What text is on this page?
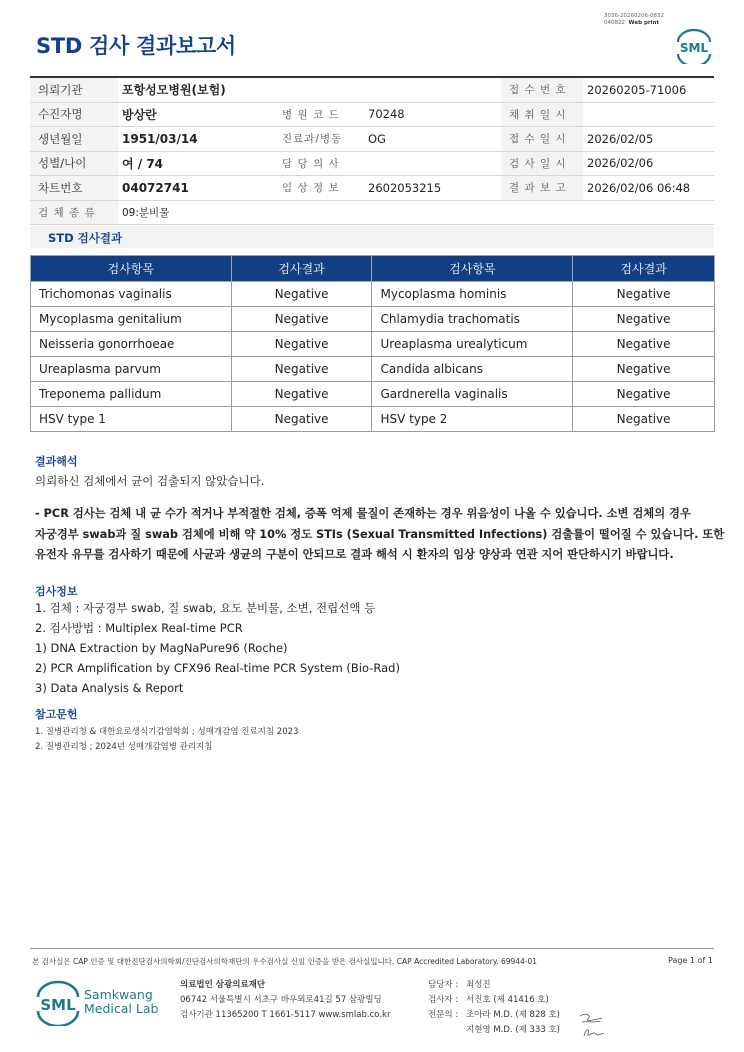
3036-20260206-0832
040822 Web print
STD 검사 결과보고서	SML
의뢰기관	포항성모병원(보험)			접 수 번 호	20260205-71006
수진자명	방상란	병 원 코 드	70248	채 취 일 시	
생년월일	1951/03/14	진료과/병동	OG	접 수 일 시	2026/02/05
성별/나이	여 / 74	담 당 의 사		검 사 일 시	2026/02/06
차트번호	04072741	임 상 정 보	2602053215	결 과 보 고	2026/02/06 06:48
검 체 종 류	09:분비물				
STD 검사결과
검사항목	검사결과	검사항목	검사결과
Trichomonas vaginalis	Negative	Mycoplasma hominis	Negative
Mycoplasma genitalium	Negative	Chlamydia trachomatis	Negative
Neisseria gonorrhoeae	Negative	Ureaplasma urealyticum	Negative
Ureaplasma parvum	Negative	Candida albicans	Negative
Treponema pallidum	Negative	Gardnerella vaginalis	Negative
HSV type 1	Negative	HSV type 2	Negative
결과해석
의뢰하신 검체에서 균이 검출되지 않았습니다.
- PCR 검사는 검체 내 균 수가 적거나 부적절한 검체, 증폭 억제 물질이 존재하는 경우 위음성이 나올 수 있습니다. 소변 검체의 경우
자궁경부 swab과 질 swab 검체에 비해 약 10% 정도 STIs (Sexual Transmitted Infections) 검출률이 떨어질 수 있습니다. 또한
유전자 유무를 검사하기 때문에 사균과 생균의 구분이 안되므로 결과 해석 시 환자의 임상 양상과 연관 지어 판단하시기 바랍니다.
검사정보
1. 검체 : 자궁경부 swab, 질 swab, 요도 분비물, 소변, 전립선액 등
2. 검사방법 : Multiplex Real-time PCR
1) DNA Extraction by MagNaPure96 (Roche)
2) PCR Amplification by CFX96 Real-time PCR System (Bio-Rad)
3) Data Analysis & Report
참고문헌
1. 질병관리청 & 대한요로생식기감염학회 ; 성매개감염 진료지침 2023
2. 질병관리청 ; 2024년 성매개감염병 관리지침
본 검사실은 CAP 인증 및 대한진단검사의학회/진단검사의학재단의 우수검사실 신임 인증을 받은 검사실입니다. CAP Accredited Laboratory. 69944-01	Page 1 of 1
SML
Samkwang
Medical Lab
의료법인 삼광의료재단
06742 서울특별시 서초구 바우뫼로41길 57 삼광빌딩
검사기관 11365200 T 1661-5117 www.smlab.co.kr
담당자 : 최성진
검사자 : 서진호 (제 41416 호)
전문의 : 조아라 M.D. (제 828 호)
지현영 M.D. (제 333 호)
